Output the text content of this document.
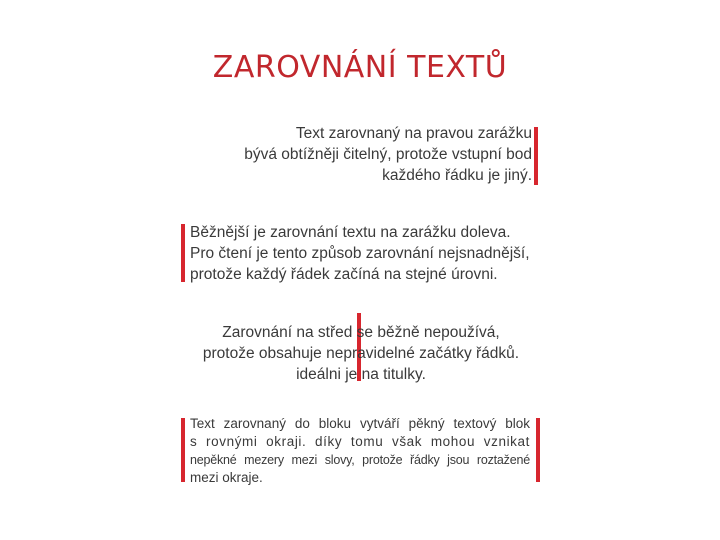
ZAROVNÁNÍ TEXTŮ

Text zarovnaný na pravou zarážku

bývá obtížněji čitelný, protože vstupní bod

každého řádku je jiný.

Běžnější je zarovnání textu na zarážku doleva.

Pro čtení je tento způsob zarovnání nejsnadnější,

protože každý řádek začíná na stejné úrovni.

Zarovnání na střed se běžně nepoužívá,

protože obsahuje nepravidelné začátky řádků.

ideálni je na titulky.

Text zarovnaný do bloku vytváří pěkný textový blok

s rovnými okraji. díky tomu však mohou vznikat

nepěkné mezery mezi slovy, protože řádky jsou roztažené

mezi okraje.
